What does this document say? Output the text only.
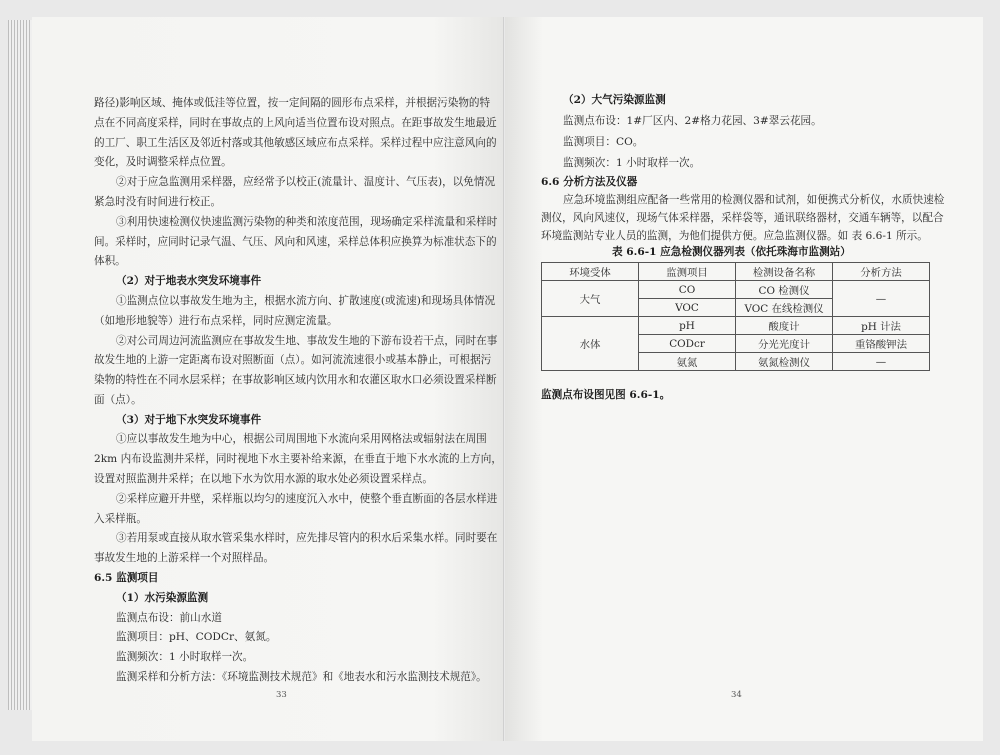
路径)影响区域、掩体或低洼等位置，按一定间隔的圆形布点采样，并根据污染物的特
点在不同高度采样，同时在事故点的上风向适当位置布设对照点。在距事故发生地最近
的工厂、职工生活区及邻近村落或其他敏感区域应布点采样。采样过程中应注意风向的
变化，及时调整采样点位置。
②对于应急监测用采样器，应经常予以校正(流量计、温度计、气压表)，以免情况
紧急时没有时间进行校正。
③利用快速检测仪快速监测污染物的种类和浓度范围，现场确定采样流量和采样时
间。采样时，应同时记录气温、气压、风向和风速，采样总体积应换算为标准状态下的
体积。
（2）对于地表水突发环境事件
①监测点位以事故发生地为主，根据水流方向、扩散速度(或流速)和现场具体情况
（如地形地貌等）进行布点采样，同时应测定流量。
②对公司周边河流监测应在事故发生地、事故发生地的下游布设若干点，同时在事
故发生地的上游一定距离布设对照断面（点）。如河流流速很小或基本静止，可根据污
染物的特性在不同水层采样；在事故影响区域内饮用水和农灌区取水口必须设置采样断
面（点）。
（3）对于地下水突发环境事件
①应以事故发生地为中心，根据公司周围地下水流向采用网格法或辐射法在周围
2km 内布设监测井采样，同时视地下水主要补给来源，在垂直于地下水水流的上方向，
设置对照监测井采样；在以地下水为饮用水源的取水处必须设置采样点。
②采样应避开井壁，采样瓶以均匀的速度沉入水中，使整个垂直断面的各层水样进
入采样瓶。
③若用泵或直接从取水管采集水样时，应先排尽管内的积水后采集水样。同时要在
事故发生地的上游采样一个对照样品。
6.5 监测项目
（1）水污染源监测
监测点布设：前山水道
监测项目：pH、CODCr、氨氮。
监测频次：1 小时取样一次。
监测采样和分析方法：《环境监测技术规范》和《地表水和污水监测技术规范》。
33
（2）大气污染源监测
监测点布设：1#厂区内、2#格力花园、3#翠云花园。
监测项目：CO。
监测频次：1 小时取样一次。
6.6 分析方法及仪器
应急环境监测组应配备一些常用的检测仪器和试剂，如便携式分析仪，水质快速检
测仪，风向风速仪，现场气体采样器，采样袋等，通讯联络器材，交通车辆等，以配合
环境监测站专业人员的监测，为他们提供方便。应急监测仪器。如 表 6.6-1 所示。
表 6.6-1 应急检测仪器列表（依托珠海市监测站）
环境受体	监测项目	检测设备名称	分析方法
大气	CO	CO 检测仪	—
	VOC	VOC 在线检测仪	
水体	pH	酸度计	pH 计法
	CODcr	分光光度计	重铬酸钾法
	氨氮	氨氮检测仪	—
监测点布设图见图 6.6-1。
34
